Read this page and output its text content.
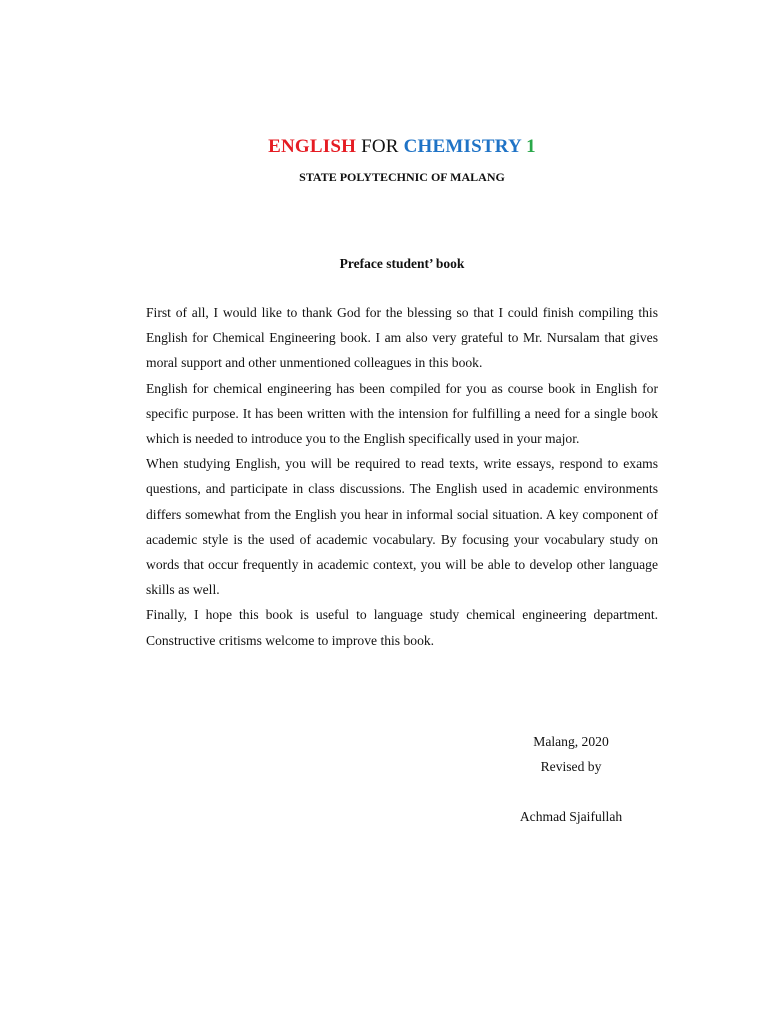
ENGLISH FOR CHEMISTRY 1
STATE POLYTECHNIC OF MALANG
Preface student’ book

First of all, I would like to thank God for the blessing so that I could finish compiling this English for Chemical Engineering book. I am also very grateful to Mr. Nursalam that gives moral support and other unmentioned colleagues in this book.

English for chemical engineering has been compiled for you as course book in English for specific purpose. It has been written with the intension for fulfilling a need for a single book which is needed to introduce you to the English specifically used in your major.

When studying English, you will be required to read texts, write essays, respond to exams questions, and participate in class discussions. The English used in academic environments differs somewhat from the English you hear in informal social situation. A key component of academic style is the used of academic vocabulary. By focusing your vocabulary study on words that occur frequently in academic context, you will be able to develop other language skills as well.

Finally, I hope this book is useful to language study chemical engineering department. Constructive critisms welcome to improve this book.

Malang, 2020
Revised by
Achmad Sjaifullah
